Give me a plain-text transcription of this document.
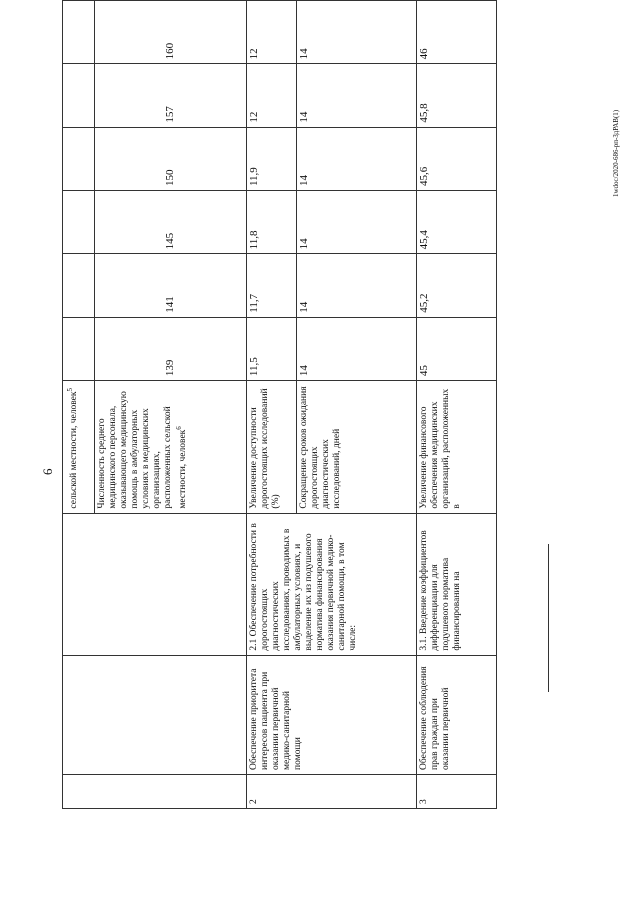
6
			сельской местности, человек$^5$						
			Численность среднего медицинского персонала, оказывающего медицинскую помощь в амбулаторных условиях в медицинских организациях, расположенных сельской местности, человек$^6$	139	141	145	150	157	160
2	Обеспечение приоритета интересов пациента при оказании первичной медико-санитарной помощи	2.1 Обеспечение потребности в дорогостоящих диагностических исследованиях, проводимых в амбулаторных условиях, и выделение их из подушевого норматива финансирования оказания первичной медико-санитарной помощи, в том числе:	Увеличение доступности дорогостоящих исследований (%)	11,5	11,7	11,8	11,9	12	12
			Сокращение сроков ожидания дорогостоящих диагностических исследований, дней	14	14	14	14	14	14
3	Обеспечение соблюдения прав граждан при оказании первичной	3.1. Введение коэффициентов дифференциации для подушевого норматива финансирования на	Увеличение финансового обеспечения медицинских организаций, расположенных в	45	45,2	45,4	45,6	45,8	46
1wdoc/2020-686-рп-ЗдРАВ(1)
